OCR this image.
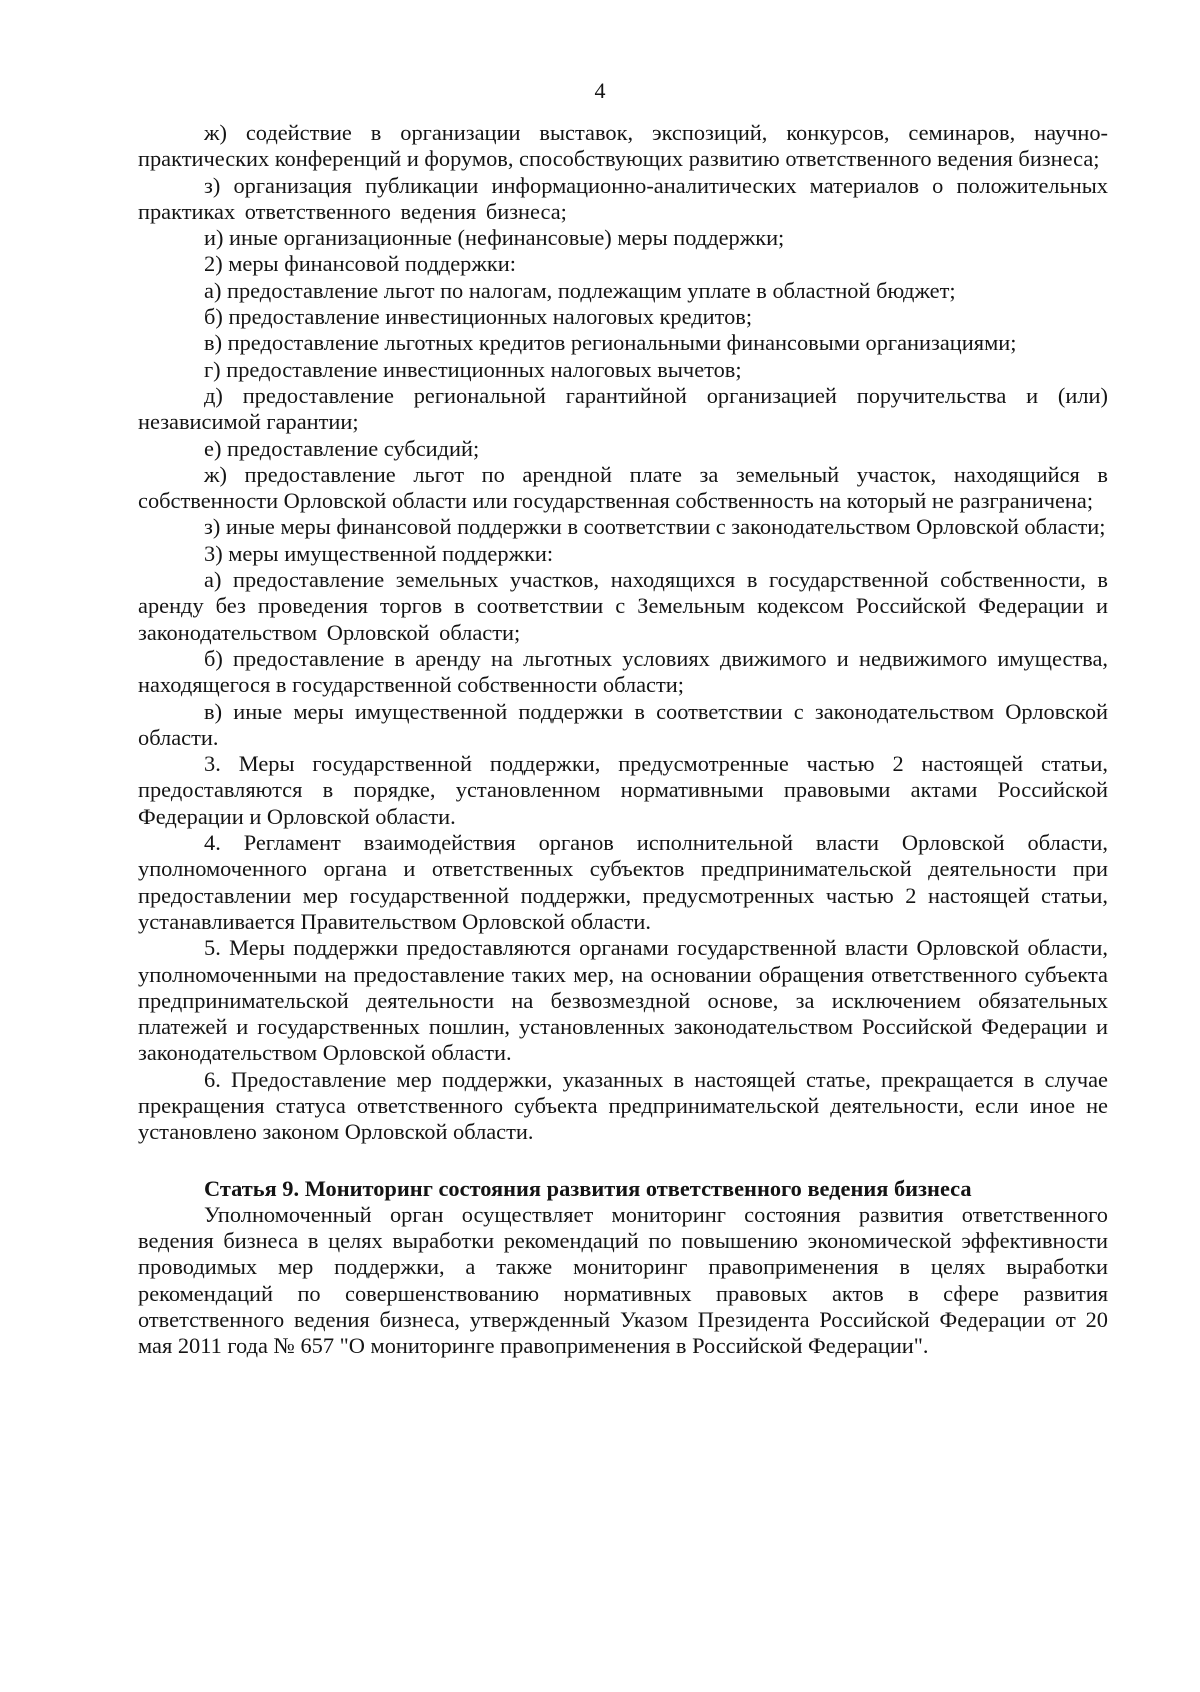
4

ж) содействие в организации выставок, экспозиций, конкурсов, семинаров, научно-практических конференций и форумов, способствующих развитию ответственного ведения бизнеса;

з) организация публикации информационно-аналитических материалов о положительных практиках ответственного ведения бизнеса;

и) иные организационные (нефинансовые) меры поддержки;

2) меры финансовой поддержки:

а) предоставление льгот по налогам, подлежащим уплате в областной бюджет;

б) предоставление инвестиционных налоговых кредитов;

в) предоставление льготных кредитов региональными финансовыми организациями;

г) предоставление инвестиционных налоговых вычетов;

д) предоставление региональной гарантийной организацией поручительства и (или) независимой гарантии;

е) предоставление субсидий;

ж) предоставление льгот по арендной плате за земельный участок, находящийся в собственности Орловской области или государственная собственность на который не разграничена;

з) иные меры финансовой поддержки в соответствии с законодательством Орловской области;

3) меры имущественной поддержки:

а) предоставление земельных участков, находящихся в государственной собственности, в аренду без проведения торгов в соответствии с Земельным кодексом Российской Федерации и законодательством Орловской области;

б) предоставление в аренду на льготных условиях движимого и недвижимого имущества, находящегося в государственной собственности области;

в) иные меры имущественной поддержки в соответствии с законодательством Орловской области.

3. Меры государственной поддержки, предусмотренные частью 2 настоящей статьи, предоставляются в порядке, установленном нормативными правовыми актами Российской Федерации и Орловской области.

4. Регламент взаимодействия органов исполнительной власти Орловской области, уполномоченного органа и ответственных субъектов предпринимательской деятельности при предоставлении мер государственной поддержки, предусмотренных частью 2 настоящей статьи, устанавливается Правительством Орловской области.

5. Меры поддержки предоставляются органами государственной власти Орловской области, уполномоченными на предоставление таких мер, на основании обращения ответственного субъекта предпринимательской деятельности на безвозмездной основе, за исключением обязательных платежей и государственных пошлин, установленных законодательством Российской Федерации и законодательством Орловской области.

6. Предоставление мер поддержки, указанных в настоящей статье, прекращается в случае прекращения статуса ответственного субъекта предпринимательской деятельности, если иное не установлено законом Орловской области.

Статья 9. Мониторинг состояния развития ответственного ведения бизнеса

Уполномоченный орган осуществляет мониторинг состояния развития ответственного ведения бизнеса в целях выработки рекомендаций по повышению экономической эффективности проводимых мер поддержки, а также мониторинг правоприменения в целях выработки рекомендаций по совершенствованию нормативных правовых актов в сфере развития ответственного ведения бизнеса, утвержденный Указом Президента Российской Федерации от 20 мая 2011 года № 657 "О мониторинге правоприменения в Российской Федерации".
